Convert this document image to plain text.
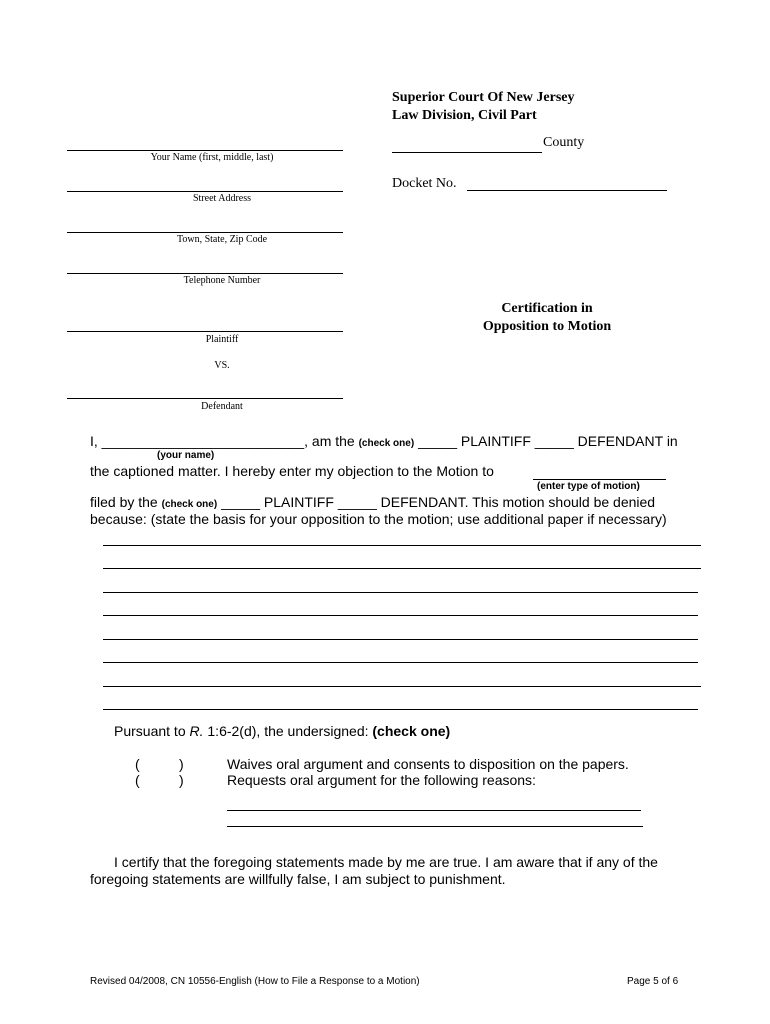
Superior Court Of New Jersey
Law Division, Civil Part
County
Docket No.
Your Name (first, middle, last)
Street Address
Town, State, Zip Code
Telephone Number
Plaintiff
VS.
Defendant
Certification in
Opposition to Motion
I, __________________________, am the (check one) _____ PLAINTIFF _____ DEFENDANT in
(your name)
the captioned matter. I hereby enter my objection to the Motion to
(enter type of motion)
filed by the (check one) _____ PLAINTIFF _____ DEFENDANT. This motion should be denied
because: (state the basis for your opposition to the motion; use additional paper if necessary)
Pursuant to R. 1:6-2(d), the undersigned: (check one)
(	)	Waives oral argument and consents to disposition on the papers.
(	)	Requests oral argument for the following reasons:
I certify that the foregoing statements made by me are true. I am aware that if any of the
foregoing statements are willfully false, I am subject to punishment.
Revised 04/2008, CN 10556-English (How to File a Response to a Motion)	Page 5 of 6
